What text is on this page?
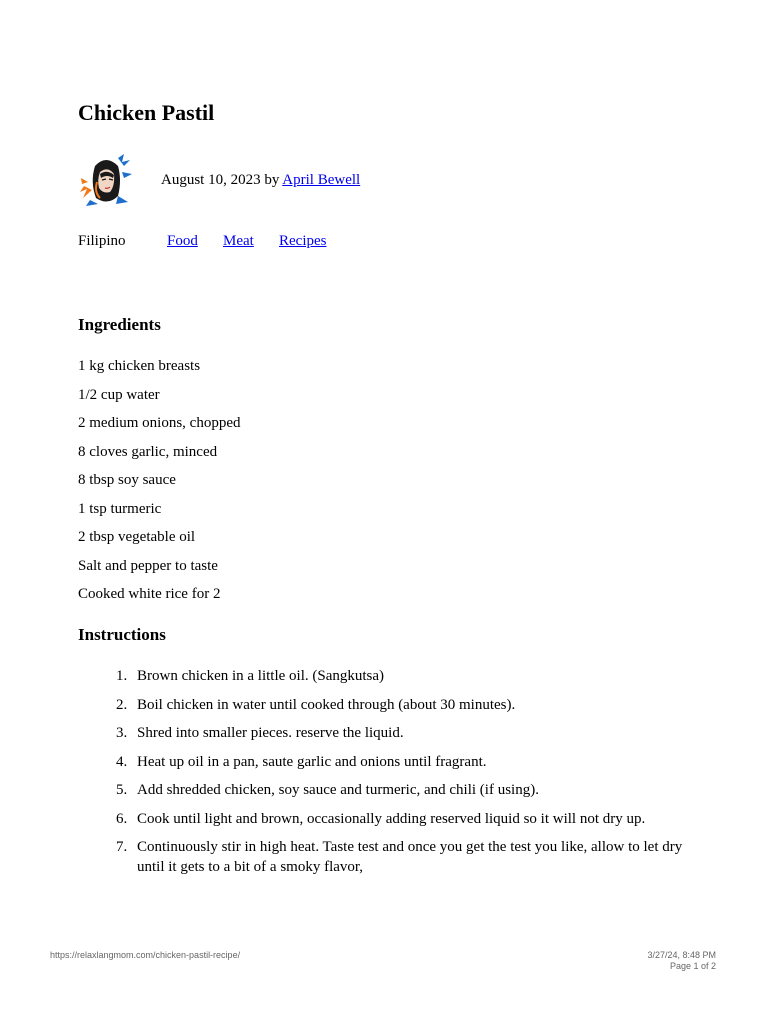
Chicken Pastil
August 10, 2023 by April Bewell
Filipino	Food Meat Recipes
Ingredients
1 kg chicken breasts
1/2 cup water
2 medium onions, chopped
8 cloves garlic, minced
8 tbsp soy sauce
1 tsp turmeric
2 tbsp vegetable oil
Salt and pepper to taste
Cooked white rice for 2
Instructions
1. Brown chicken in a little oil. (Sangkutsa)
2. Boil chicken in water until cooked through (about 30 minutes).
3. Shred into smaller pieces. reserve the liquid.
4. Heat up oil in a pan, saute garlic and onions until fragrant.
5. Add shredded chicken, soy sauce and turmeric, and chili (if using).
6. Cook until light and brown, occasionally adding reserved liquid so it will not dry up.
7. Continuously stir in high heat. Taste test and once you get the test you like, allow to let dry until it gets to a bit of a smoky flavor,
https://relaxlangmom.com/chicken-pastil-recipe/	3/27/24, 8:48 PM
Page 1 of 2
